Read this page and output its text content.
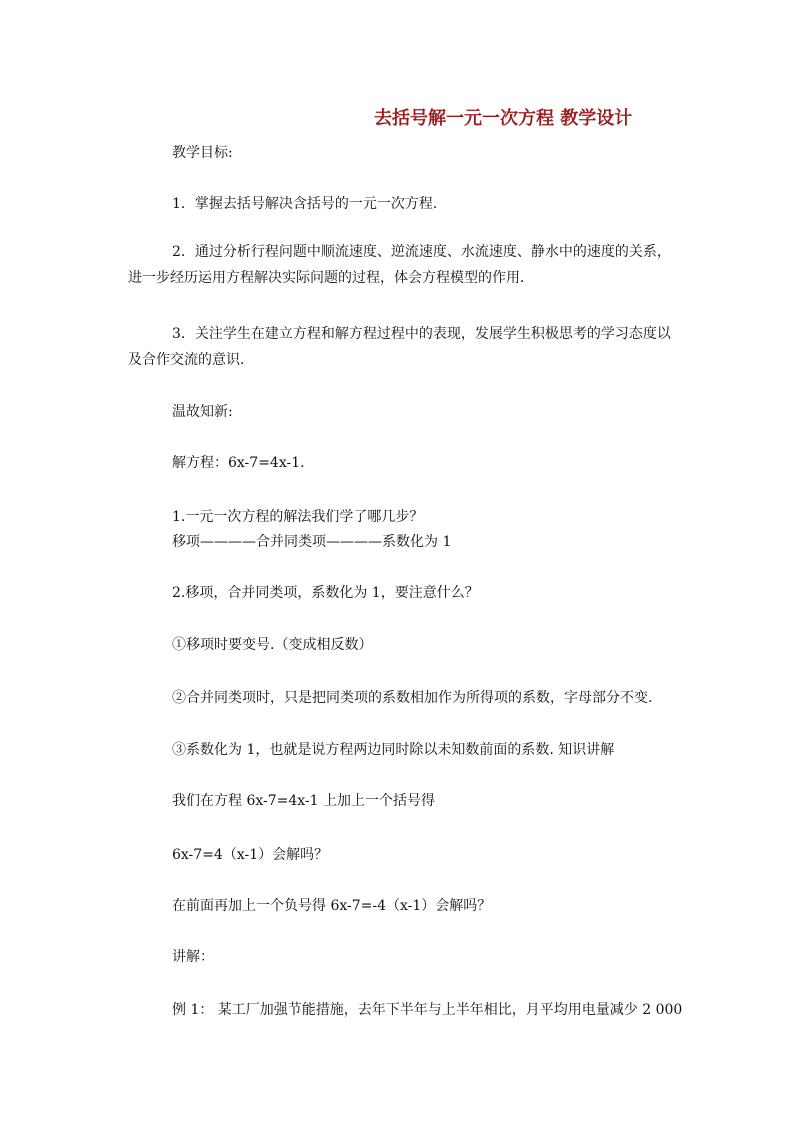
去括号解一元一次方程 教学设计
教学目标:
1．掌握去括号解决含括号的一元一次方程．
2．通过分析行程问题中顺流速度、逆流速度、水流速度、静水中的速度的关系，进一步经历运用方程解决实际问题的过程，体会方程模型的作用．
3．关注学生在建立方程和解方程过程中的表现，发展学生积极思考的学习态度以及合作交流的意识．
温故知新:
解方程：6x-7=4x-1.
1.一元一次方程的解法我们学了哪几步？
移项————合并同类项————系数化为 1
2.移项，合并同类项，系数化为 1，要注意什么？
①移项时要变号.（变成相反数）
②合并同类项时，只是把同类项的系数相加作为所得项的系数，字母部分不变.
③系数化为 1，也就是说方程两边同时除以未知数前面的系数. 知识讲解
我们在方程 6x-7=4x-1 上加上一个括号得
6x-7=4（x-1）会解吗？
在前面再加上一个负号得 6x-7=-4（x-1）会解吗？
讲解：
例 1： 某工厂加强节能措施，去年下半年与上半年相比，月平均用电量减少 2 000
